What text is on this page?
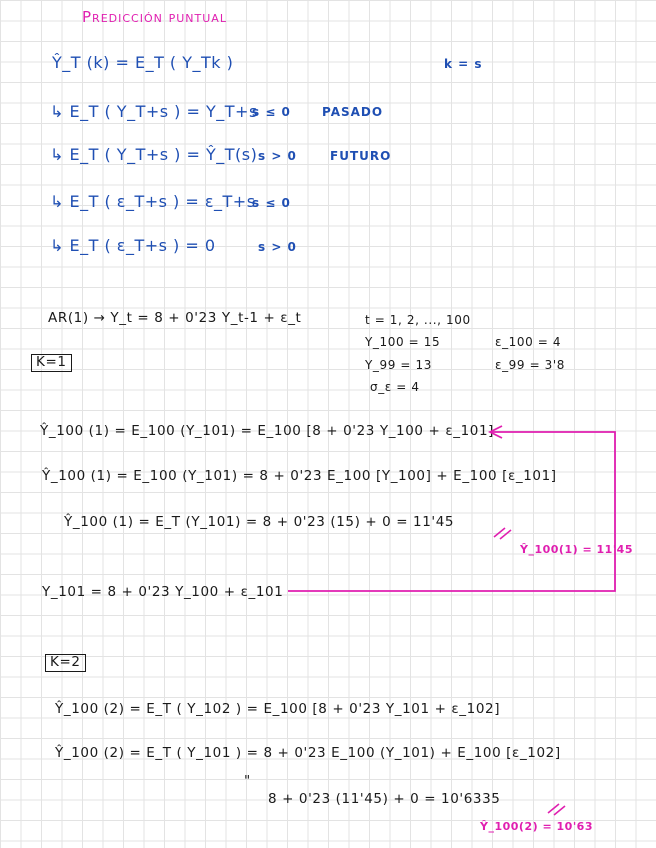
Predicción puntual
Ŷ_T (k) = E_T ( Y_Tk )	k = s
↳ E_T ( Y_T+s ) = Y_T+s
s ≤ 0	PASADO
↳ E_T ( Y_T+s ) = Ŷ_T(s) s > 0	FUTURO
↳ E_T ( ε_T+s ) = ε_T+s
s ≤ 0
↳ E_T ( ε_T+s ) = 0	s > 0
AR(1) → Y_t = 8 + 0'23 Y_t-1 + ε_t	t = 1, 2, ..., 100
Y_100 = 15	ε_100 = 4
Y_99 = 13	ε_99 = 3'8
σ_ε = 4
K=1
Ŷ_100 (1) = E_100 (Y_101) = E_100 [8 + 0'23 Y_100 + ε_101]
Ŷ_100 (1) = E_100 (Y_101) = 8 + 0'23 E_100 [Y_100] + E_100 [ε_101]
Ŷ_100 (1) = E_T (Y_101) = 8 + 0'23 (15) + 0 = 11'45
Ŷ_100(1) = 11'45
Y_101 = 8 + 0'23 Y_100 + ε_101
K=2
Ŷ_100 (2) = E_T ( Y_102 ) = E_100 [8 + 0'23 Y_101 + ε_102]
Ŷ_100 (2) = E_T ( Y_101 ) = 8 + 0'23 E_100 (Y_101) + E_100 [ε_102]
"
8 + 0'23 (11'45) + 0 = 10'6335
Ŷ_100(2) = 10'63
